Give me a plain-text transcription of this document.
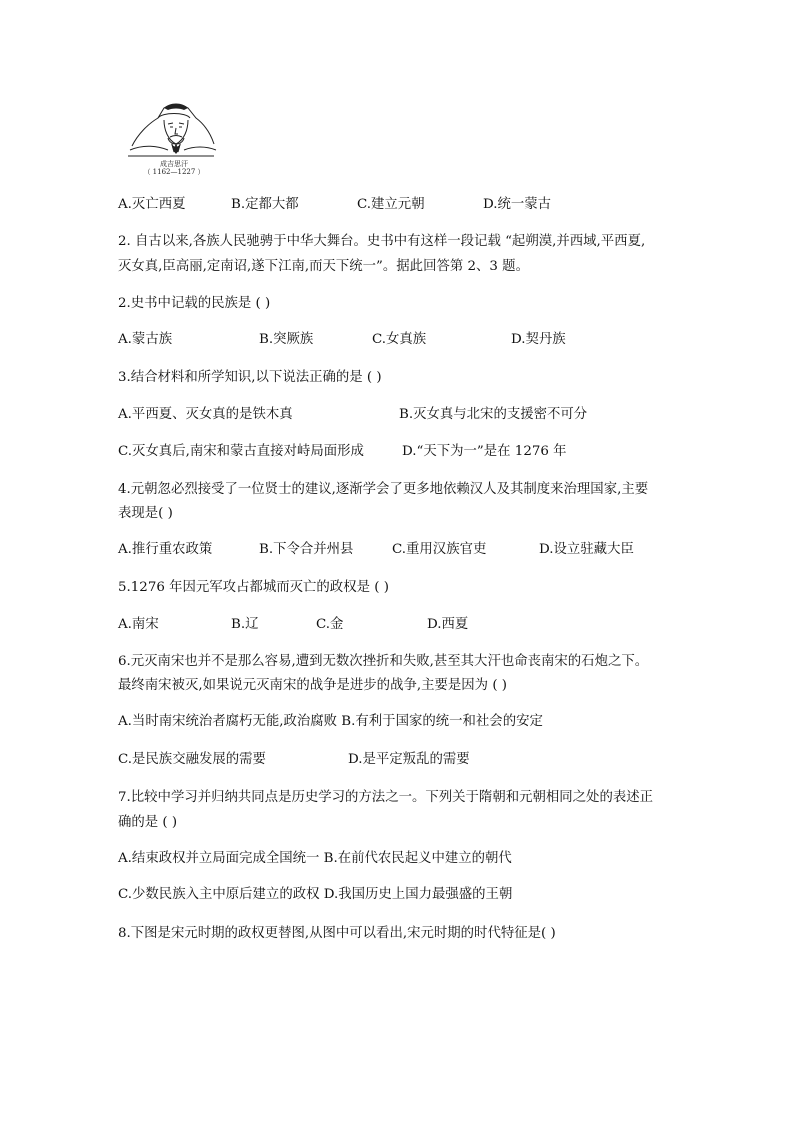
成吉思汗
（ 1162—1227 ）
A.灭亡西夏	B.定都大都	C.建立元朝	D.统一蒙古
2. 自古以来,各族人民驰骋于中华大舞台。史书中有这样一段记载 “起朔漠,并西域,平西夏,
灭女真,臣高丽,定南诏,遂下江南,而天下统一”。据此回答第 2、3 题。
2.史书中记载的民族是 ( )
A.蒙古族	B.突厥族	C.女真族	D.契丹族
3.结合材料和所学知识,以下说法正确的是 ( )
A.平西夏、灭女真的是铁木真	B.灭女真与北宋的支援密不可分
C.灭女真后,南宋和蒙古直接对峙局面形成	D.“天下为一”是在 1276 年
4.元朝忽必烈接受了一位贤士的建议,逐渐学会了更多地依赖汉人及其制度来治理国家,主要
表现是( )
A.推行重农政策	B.下令合并州县	C.重用汉族官吏	D.设立驻藏大臣
5.1276 年因元军攻占都城而灭亡的政权是 ( )
A.南宋	B.辽	C.金	D.西夏
6.元灭南宋也并不是那么容易,遭到无数次挫折和失败,甚至其大汗也命丧南宋的石炮之下。
最终南宋被灭,如果说元灭南宋的战争是进步的战争,主要是因为 ( )
A.当时南宋统治者腐朽无能,政治腐败 B.有利于国家的统一和社会的安定
C.是民族交融发展的需要	D.是平定叛乱的需要
7.比较中学习并归纳共同点是历史学习的方法之一。下列关于隋朝和元朝相同之处的表述正
确的是 ( )
A.结束政权并立局面完成全国统一 B.在前代农民起义中建立的朝代
C.少数民族入主中原后建立的政权 D.我国历史上国力最强盛的王朝
8.下图是宋元时期的政权更替图,从图中可以看出,宋元时期的时代特征是( )
